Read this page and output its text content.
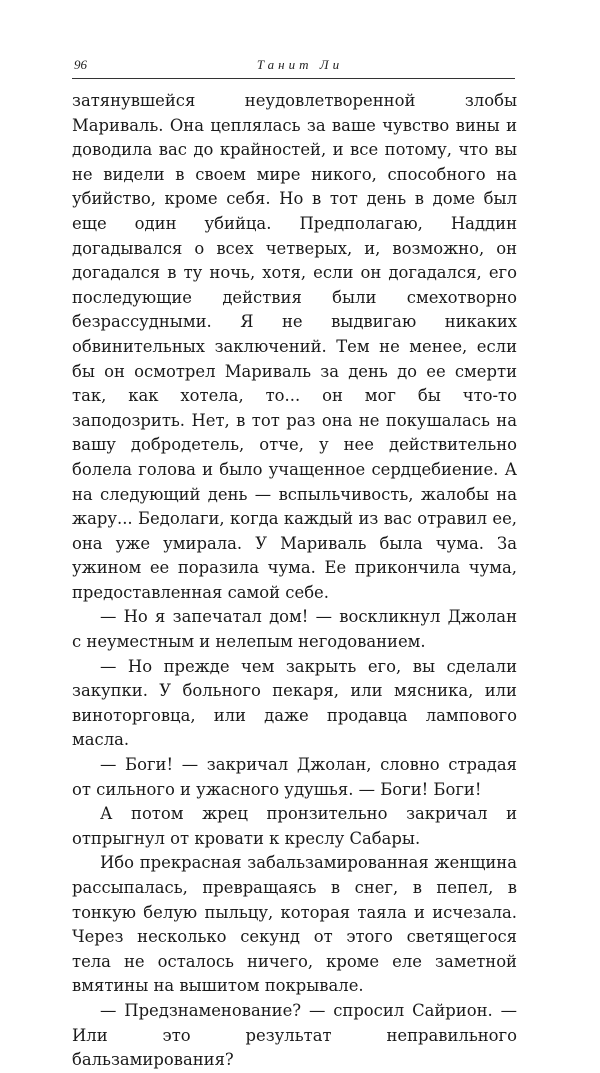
96	Танит Ли

затянувшейся неудовлетворенной злобы Мариваль. Она цеплялась за ваше чувство вины и доводила вас до крайностей, и все потому, что вы не видели в своем мире никого, способного на убийство, кроме себя. Но в тот день в доме был еще один убийца. Предполагаю, Наддин догадывался о всех четверых, и, возможно, он догадался в ту ночь, хотя, если он догадался, его последующие действия были смехотворно безрассудными. Я не выдвигаю никаких обвинительных заключений. Тем не менее, если бы он осмотрел Мариваль за день до ее смерти так, как хотела, то... он мог бы что-то заподозрить. Нет, в тот раз она не покушалась на вашу добродетель, отче, у нее действительно болела голова и было учащенное сердцебиение. А на следующий день — вспыльчивость, жалобы на жару... Бедолаги, когда каждый из вас отравил ее, она уже умирала. У Мариваль была чума. За ужином ее поразила чума. Ее прикончила чума, предоставленная самой себе.

— Но я запечатал дом! — воскликнул Джолан с неуместным и нелепым негодованием.

— Но прежде чем закрыть его, вы сделали закупки. У больного пекаря, или мясника, или виноторговца, или даже продавца лампового масла.

— Боги! — закричал Джолан, словно страдая от сильного и ужасного удушья. — Боги! Боги!

А потом жрец пронзительно закричал и отпрыгнул от кровати к креслу Сабары.

Ибо прекрасная забальзамированная женщина рассыпалась, превращаясь в снег, в пепел, в тонкую белую пыльцу, которая таяла и исчезала. Через несколько секунд от этого светящегося тела не осталось ничего, кроме еле заметной вмятины на вышитом покрывале.

— Предзнаменование? — спросил Сайрион. — Или это результат неправильного бальзамирования?
